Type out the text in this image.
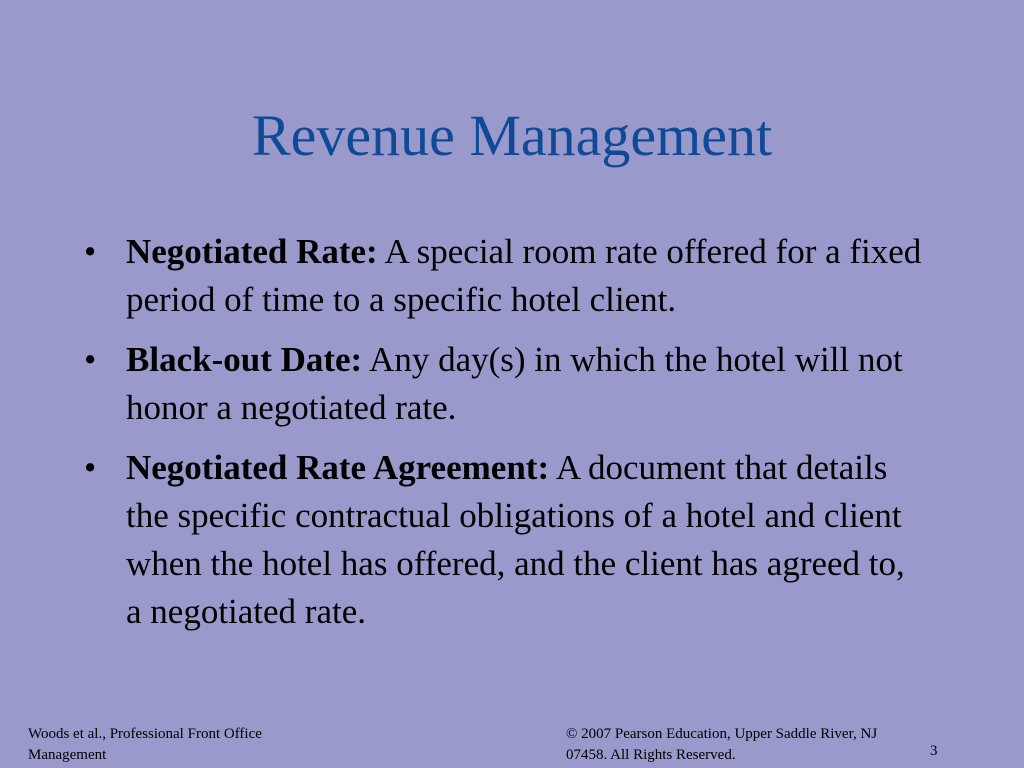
Revenue Management
• Negotiated Rate: A special room rate offered for a fixed period of time to a specific hotel client.
• Black-out Date: Any day(s) in which the hotel will not honor a negotiated rate.
• Negotiated Rate Agreement: A document that details the specific contractual obligations of a hotel and client when the hotel has offered, and the client has agreed to, a negotiated rate.
Woods et al., Professional Front Office Management
© 2007 Pearson Education, Upper Saddle River, NJ 07458. All Rights Reserved.	3
